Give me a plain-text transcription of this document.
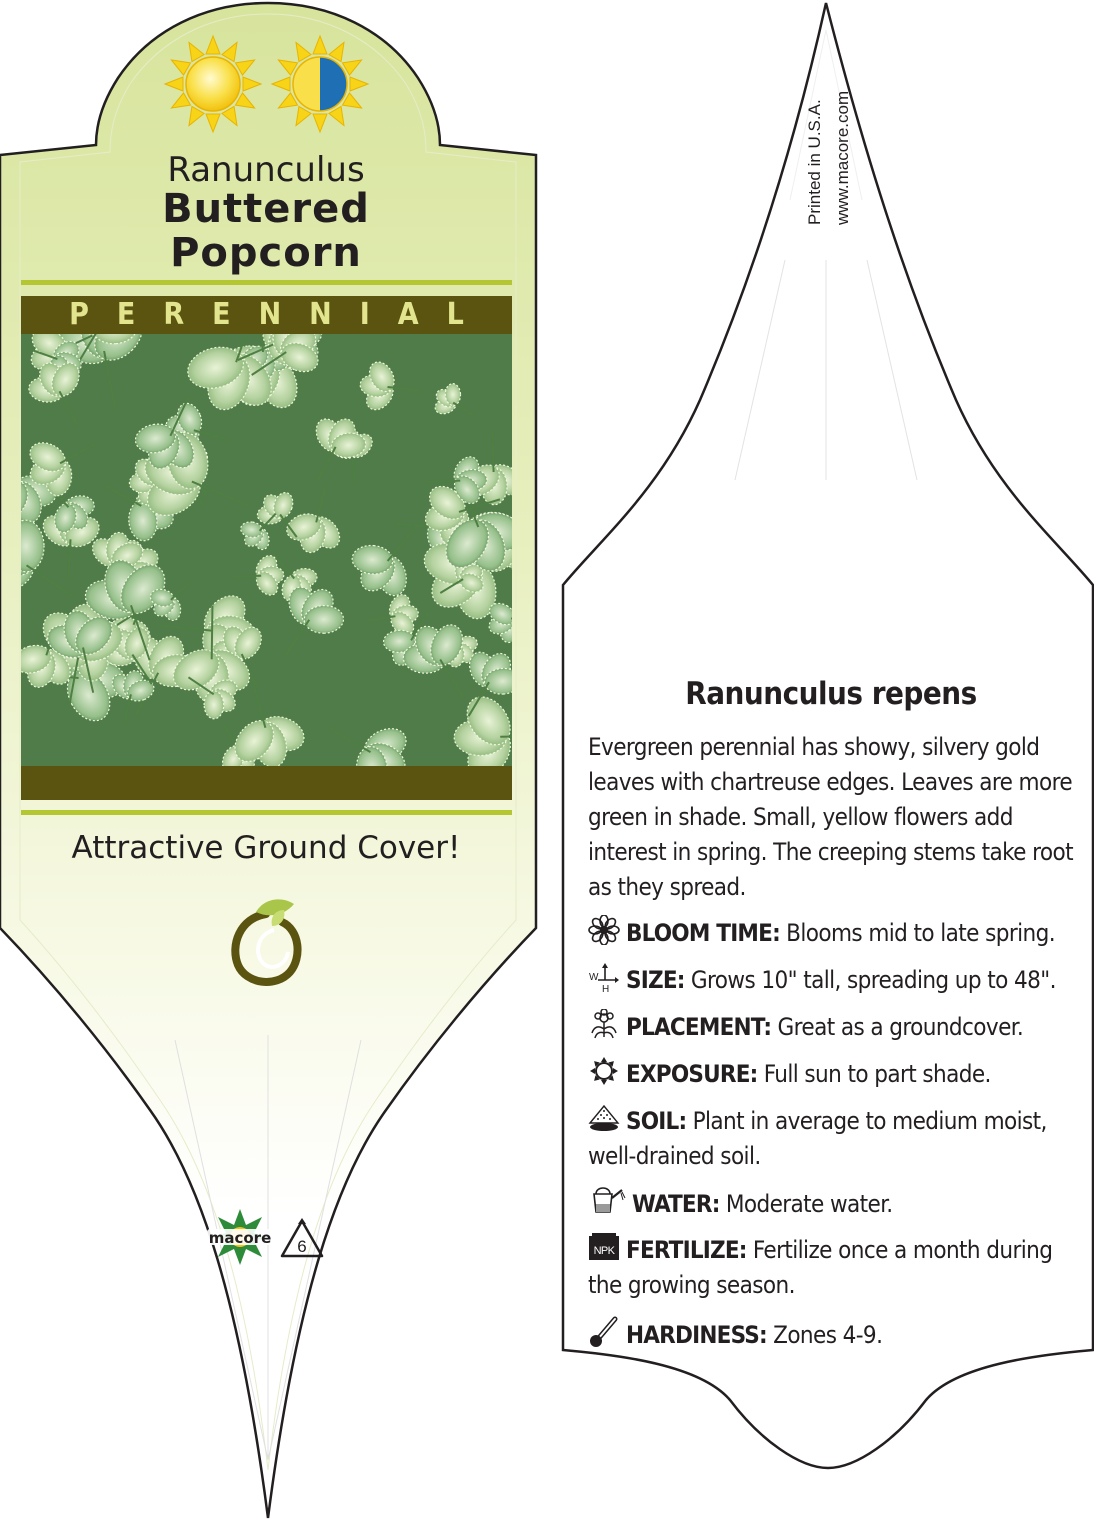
Ranunculus
Buttered
Popcorn
PERENNIAL
Attractive Ground Cover!
macore 6
Printed in U.S.A. www.macore.com
Ranunculus repens
Evergreen perennial has showy, silvery gold leaves with chartreuse edges. Leaves are more green in shade. Small, yellow flowers add interest in spring. The creeping stems take root as they spread.
BLOOM TIME: Blooms mid to late spring.
W
H SIZE: Grows 10" tall, spreading up to 48".
PLACEMENT: Great as a groundcover.
EXPOSURE: Full sun to part shade.
SOIL: Plant in average to medium moist, well-drained soil.
WATER: Moderate water.
NPK FERTILIZE: Fertilize once a month during the growing season.
HARDINESS: Zones 4-9.
